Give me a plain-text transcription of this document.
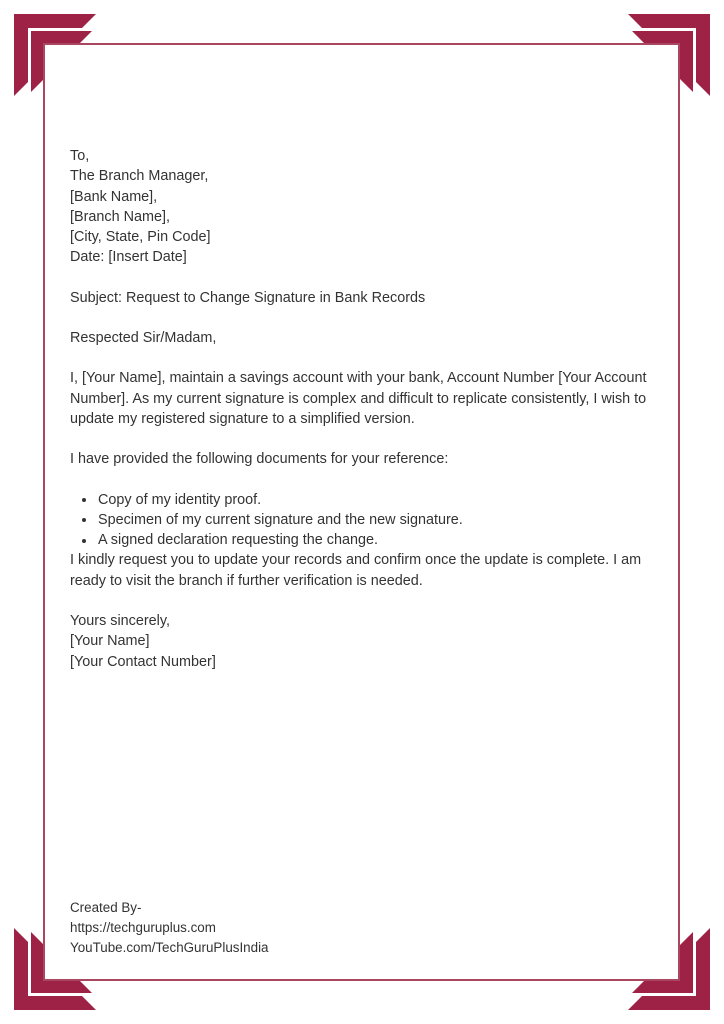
To,
The Branch Manager,
[Bank Name],
[Branch Name],
[City, State, Pin Code]
Date: [Insert Date]
Subject: Request to Change Signature in Bank Records
Respected Sir/Madam,

I, [Your Name], maintain a savings account with your bank, Account Number [Your Account Number]. As my current signature is complex and difficult to replicate consistently, I wish to update my registered signature to a simplified version.

I have provided the following documents for your reference:
Copy of my identity proof.
Specimen of my current signature and the new signature.
A signed declaration requesting the change.

I kindly request you to update your records and confirm once the update is complete. I am ready to visit the branch if further verification is needed.

Yours sincerely,
[Your Name]
[Your Contact Number]
Created By-
https://techguruplus.com
YouTube.com/TechGuruPlusIndia
